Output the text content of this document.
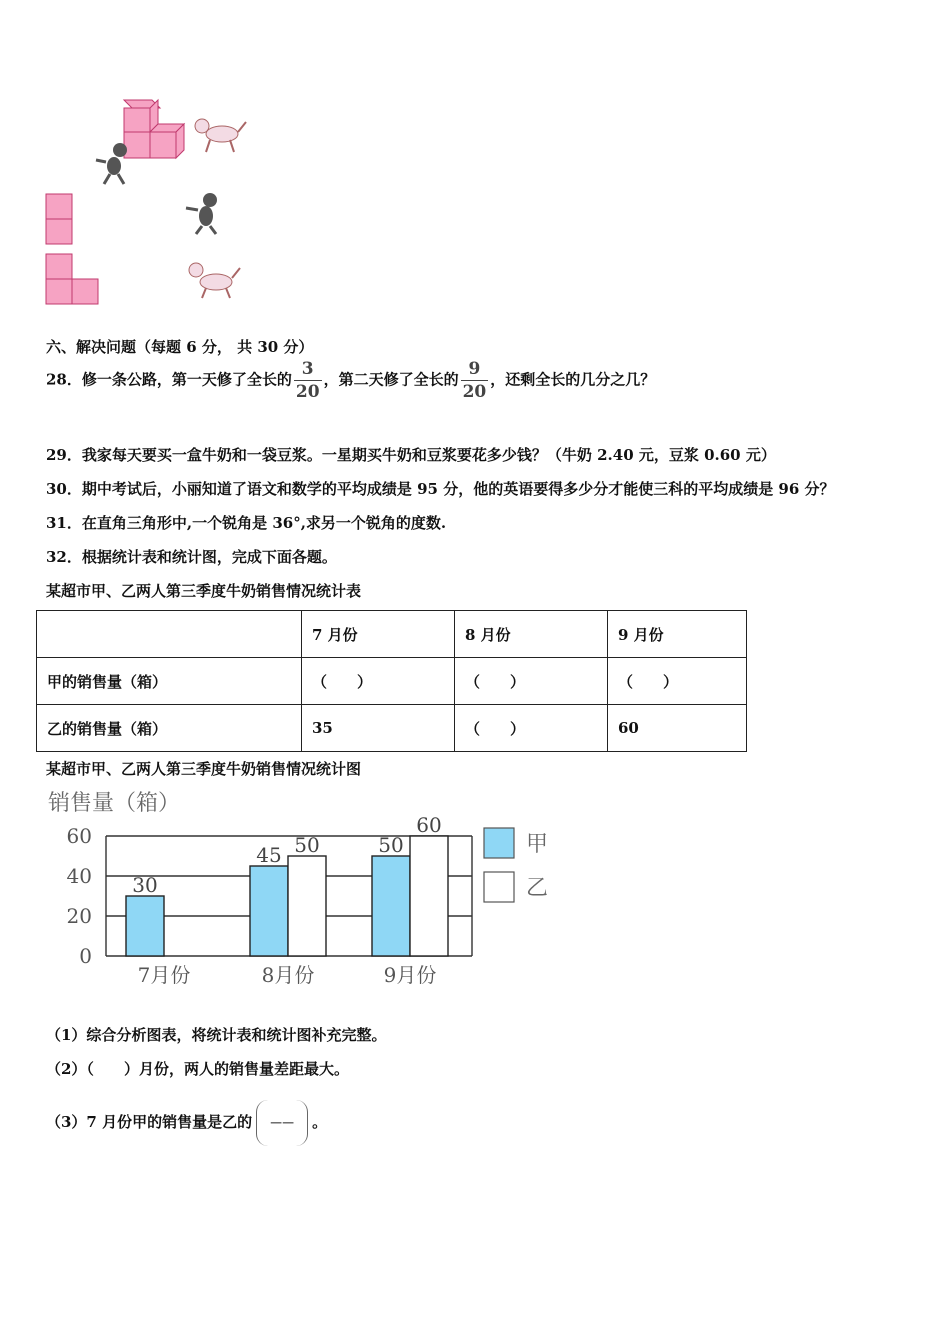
六、解决问题（每题 6 分， 共 30 分）
28．修一条公路，第一天修了全长的 $\frac{3}{20}$ ，第二天修了全长的 $\frac{9}{20}$ ，还剩全长的几分之几？
29．我家每天要买一盒牛奶和一袋豆浆。一星期买牛奶和豆浆要花多少钱？（牛奶 2.40 元，豆浆 0.60 元）
30．期中考试后，小丽知道了语文和数学的平均成绩是 95 分，他的英语要得多少分才能使三科的平均成绩是 96 分？
31．在直角三角形中,一个锐角是 36°,求另一个锐角的度数.
32．根据统计表和统计图，完成下面各题。
某超市甲、乙两人第三季度牛奶销售情况统计表
	7 月份	8 月份	9 月份
甲的销售量（箱）	（　　）	（　　）	（　　）
乙的销售量（箱）	35	（　　）	60
某超市甲、乙两人第三季度牛奶销售情况统计图
销售量（箱）
0
20
40
60
30
7月份
45 50
8月份
50
60
9月份
甲
乙
（1）综合分析图表，将统计表和统计图补充完整。
（2）（　　）月份，两人的销售量差距最大。
（3）7 月份甲的销售量是乙的 —— 。
